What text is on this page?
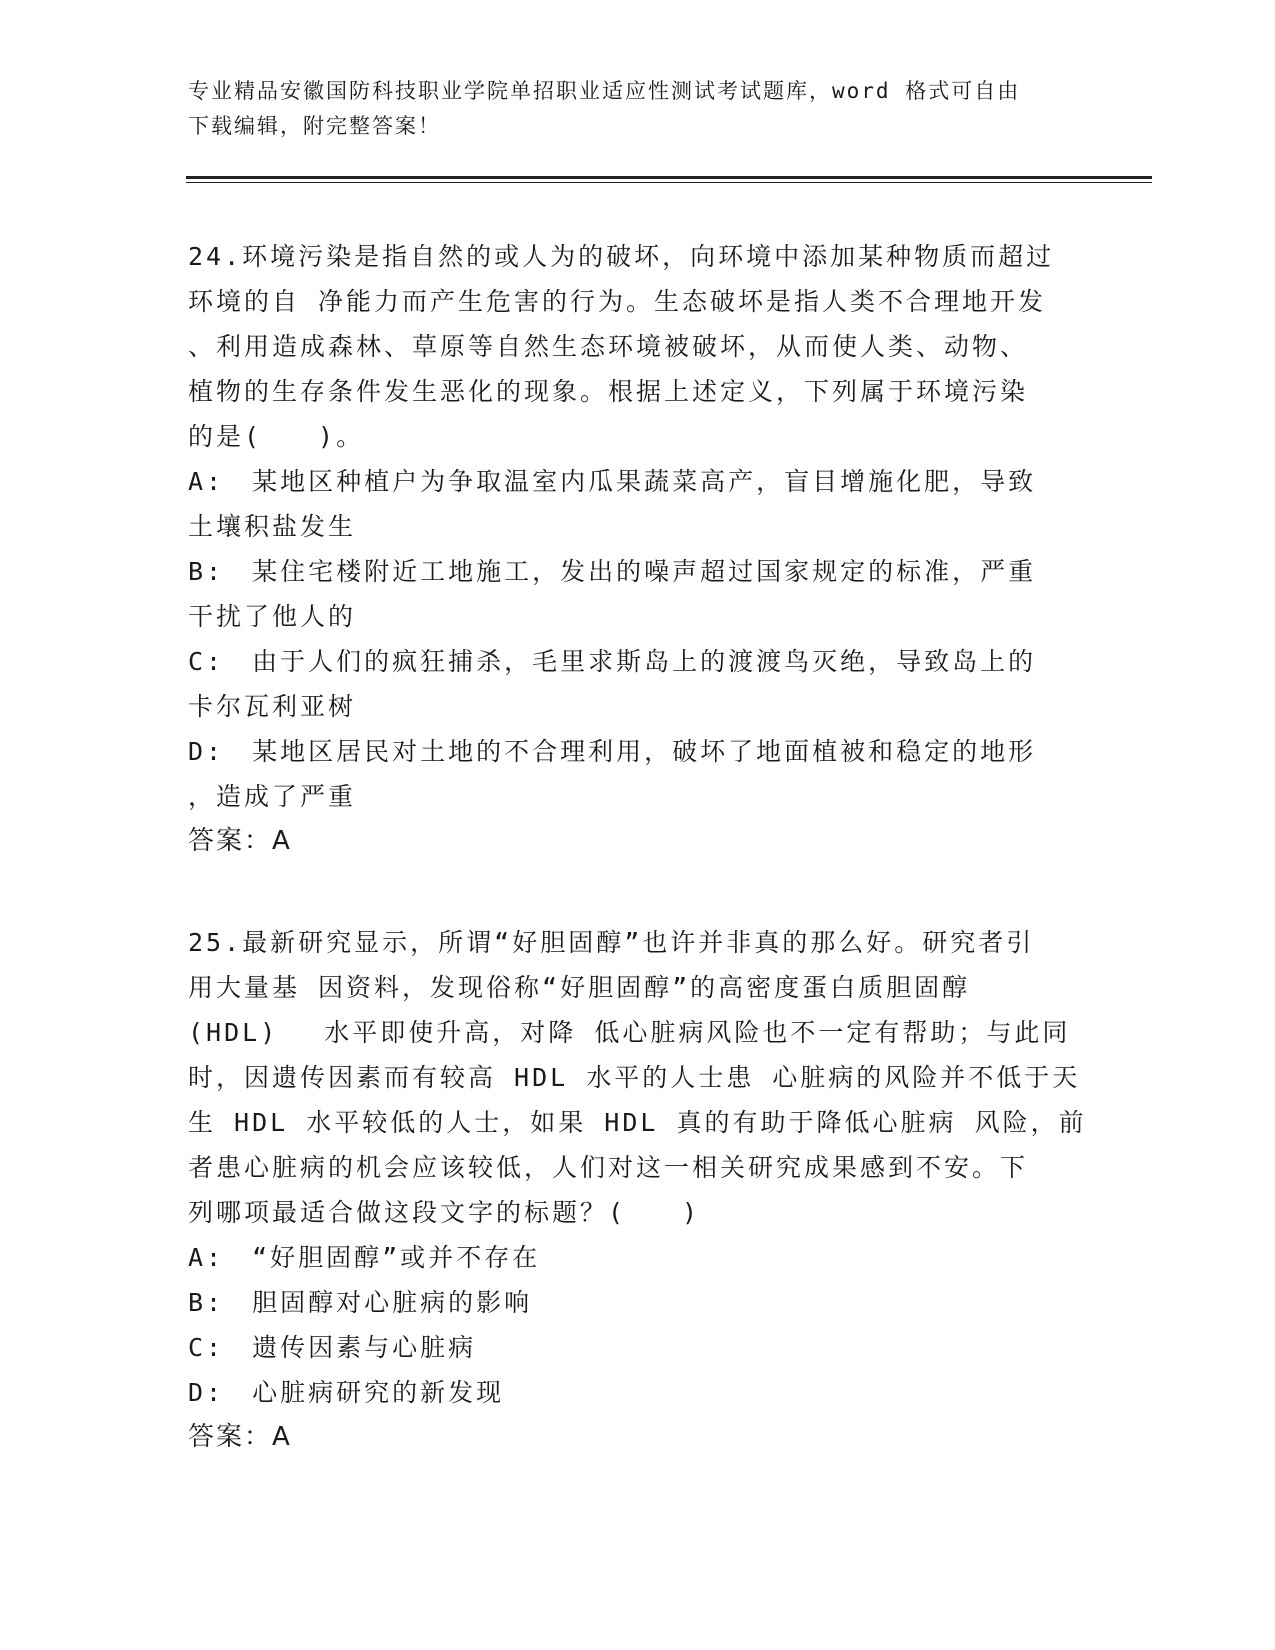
专业精品安徽国防科技职业学院单招职业适应性测试考试题库，word 格式可自由
下载编辑，附完整答案！
24.环境污染是指自然的或人为的破坏，向环境中添加某种物质而超过
环境的自 净能力而产生危害的行为。生态破坏是指人类不合理地开发
、利用造成森林、草原等自然生态环境被破坏，从而使人类、动物、
植物的生存条件发生恶化的现象。根据上述定义，下列属于环境污染
的是(　　)。
A:　某地区种植户为争取温室内瓜果蔬菜高产，盲目增施化肥，导致
土壤积盐发生
B:　某住宅楼附近工地施工，发出的噪声超过国家规定的标准，严重
干扰了他人的
C:　由于人们的疯狂捕杀，毛里求斯岛上的渡渡鸟灭绝，导致岛上的
卡尔瓦利亚树
D:　某地区居民对土地的不合理利用，破坏了地面植被和稳定的地形
，造成了严重
答案：A
25.最新研究显示，所谓“好胆固醇”也许并非真的那么好。研究者引
用大量基 因资料，发现俗称“好胆固醇”的高密度蛋白质胆固醇
(HDL)　 水平即使升高，对降 低心脏病风险也不一定有帮助；与此同
时，因遗传因素而有较高 HDL 水平的人士患 心脏病的风险并不低于天
生 HDL 水平较低的人士，如果 HDL 真的有助于降低心脏病 风险，前
者患心脏病的机会应该较低，人们对这一相关研究成果感到不安。下
列哪项最适合做这段文字的标题？(　　)
A:　“好胆固醇”或并不存在
B:　胆固醇对心脏病的影响
C:　遗传因素与心脏病
D:　心脏病研究的新发现
答案：A
